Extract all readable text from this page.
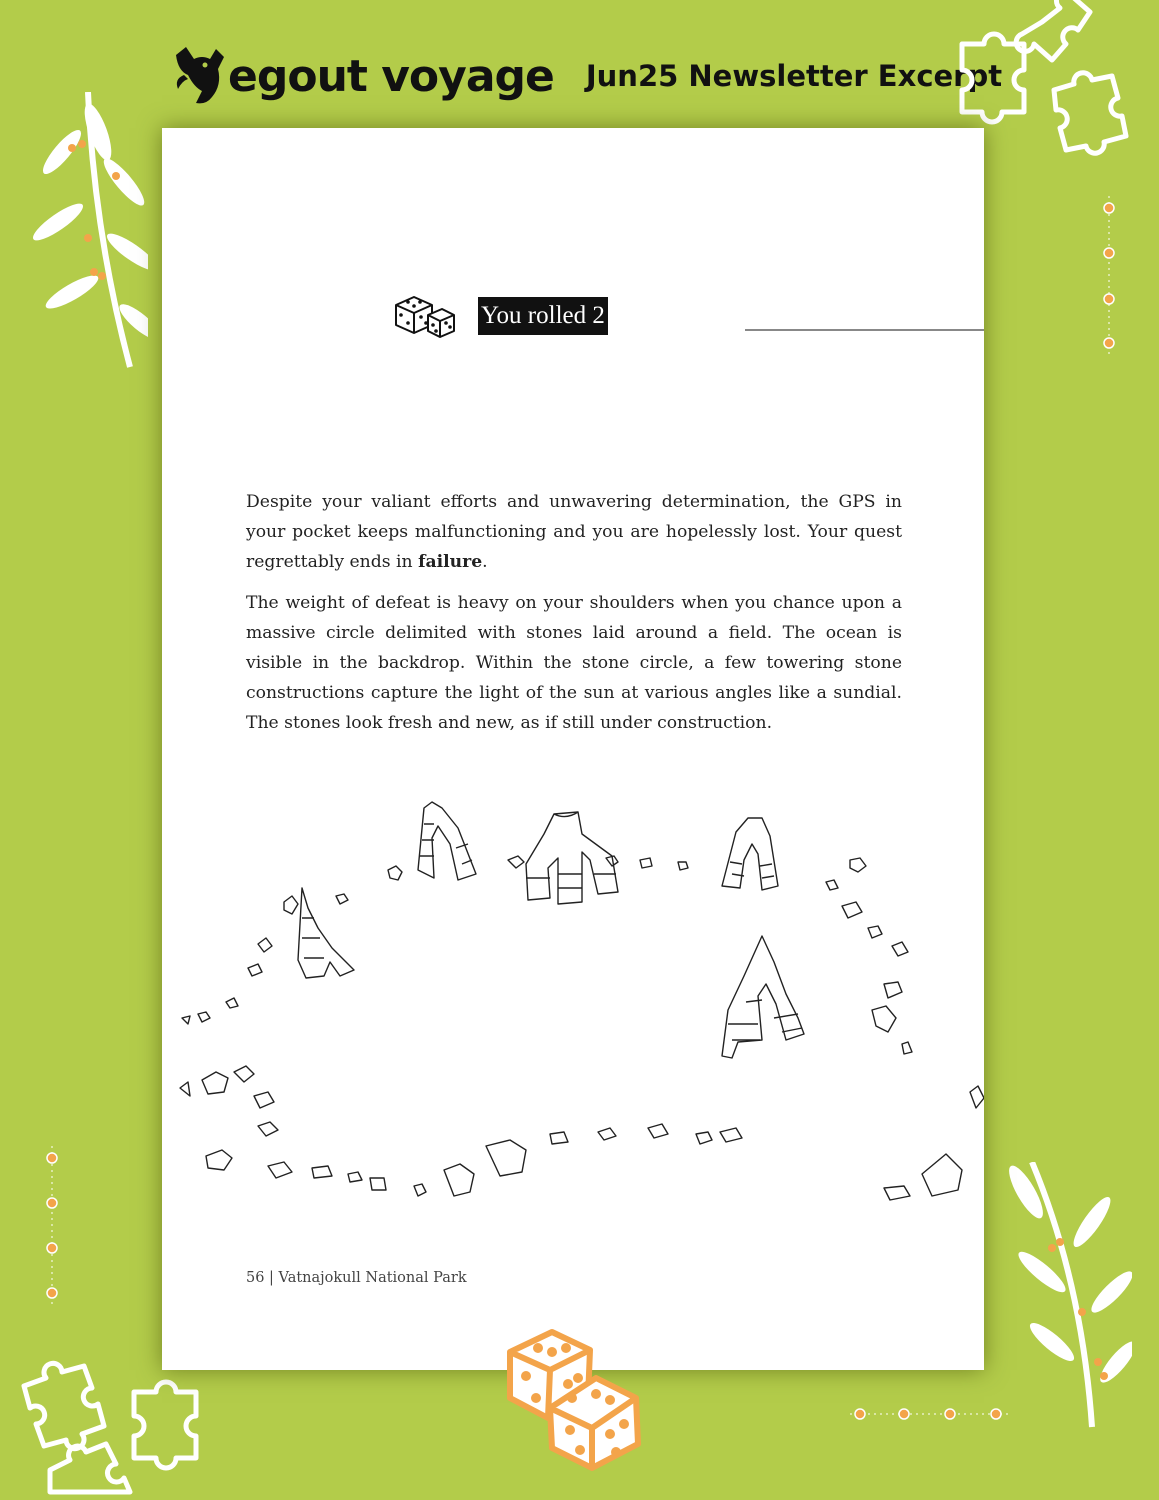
egout voyage Jun25 Newsletter Excerpt
You rolled 2

Despite your valiant efforts and unwavering determination, the GPS in your pocket keeps malfunctioning and you are hopelessly lost. Your quest regrettably ends in failure.

The weight of defeat is heavy on your shoulders when you chance upon a massive circle delimited with stones laid around a field. The ocean is visible in the backdrop. Within the stone circle, a few towering stone constructions capture the light of the sun at various angles like a sundial. The stones look fresh and new, as if still under construction.

56 | Vatnajokull National Park
